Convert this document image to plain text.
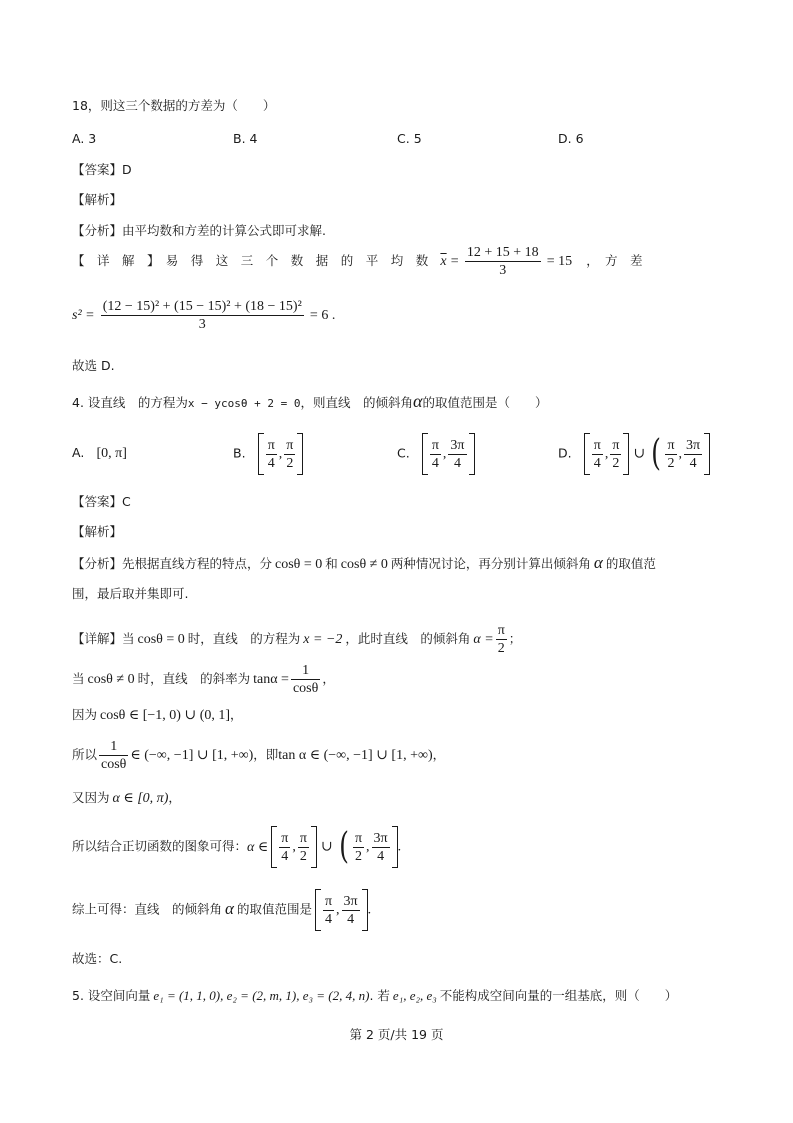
18，则这三个数据的方差为（　　）
A. 3	B. 4	C. 5	D. 6
【答案】D
【解析】
【分析】由平均数和方差的计算公式即可求解.
【　详　解　】　易　得　这　三　个　数　据　的　平　均　数 $\overline{x} = \frac{12 + 15 + 18}{3} = 15$ ，　方　差
$s^2 = \frac{\text{(12 − 15)² + (15 − 15)² + (18 − 15)²}}{3} = 6$ .
故选 D.
4. 设直线　的方程为x − ycosθ + 2 = 0，则直线　的倾斜角α的取值范围是（　　）
A. [0, π]	B. $\frac{\pi}{4}$ , $\frac{\pi}{2}$	C. $\frac{\pi}{4}$ , $\frac{3\pi}{4}$	D. $\frac{\pi}{4}$ , $\frac{\pi}{2}$ ∪ ( $\frac{\pi}{2}$ , $\frac{3\pi}{4}$
【答案】C
【解析】
【分析】先根据直线方程的特点，分 cosθ = 0 和 cosθ ≠ 0 两种情况讨论，再分别计算出倾斜角 α 的取值范
围，最后取并集即可.
【详解】当 cosθ = 0 时，直线　的方程为 x = −2 ，此时直线　的倾斜角 $\alpha = \frac{\pi}{2}$ ；
当 cosθ ≠ 0 时，直线　的斜率为 $\tan\alpha = \frac{1}{\cos\theta}$ ，
因为 cosθ ∈ [−1, 0) ∪ (0, 1]，
所以 $\frac{1}{\cos\theta}$ ∈ (−∞, −1] ∪ [1, +∞)，即tan α ∈ (−∞, −1] ∪ [1, +∞)，
又因为 α ∈ [0, π)，
所以结合正切函数的图象可得：α ∈ $\frac{\pi}{4}$ , $\frac{\pi}{2}$ ∪ ( $\frac{\pi}{2}$ , $\frac{3\pi}{4}$ .
综上可得：直线　的倾斜角 α 的取值范围是 $\frac{\pi}{4}$ , $\frac{3\pi}{4}$ .
故选：C.
5. 设空间向量 e₁ = (1, 1, 0), e₂ = (2, m, 1), e₃ = (2, 4, n). 若 e₁, e₂, e₃ 不能构成空间向量的一组基底，则（　　）
第 2 页/共 19 页
